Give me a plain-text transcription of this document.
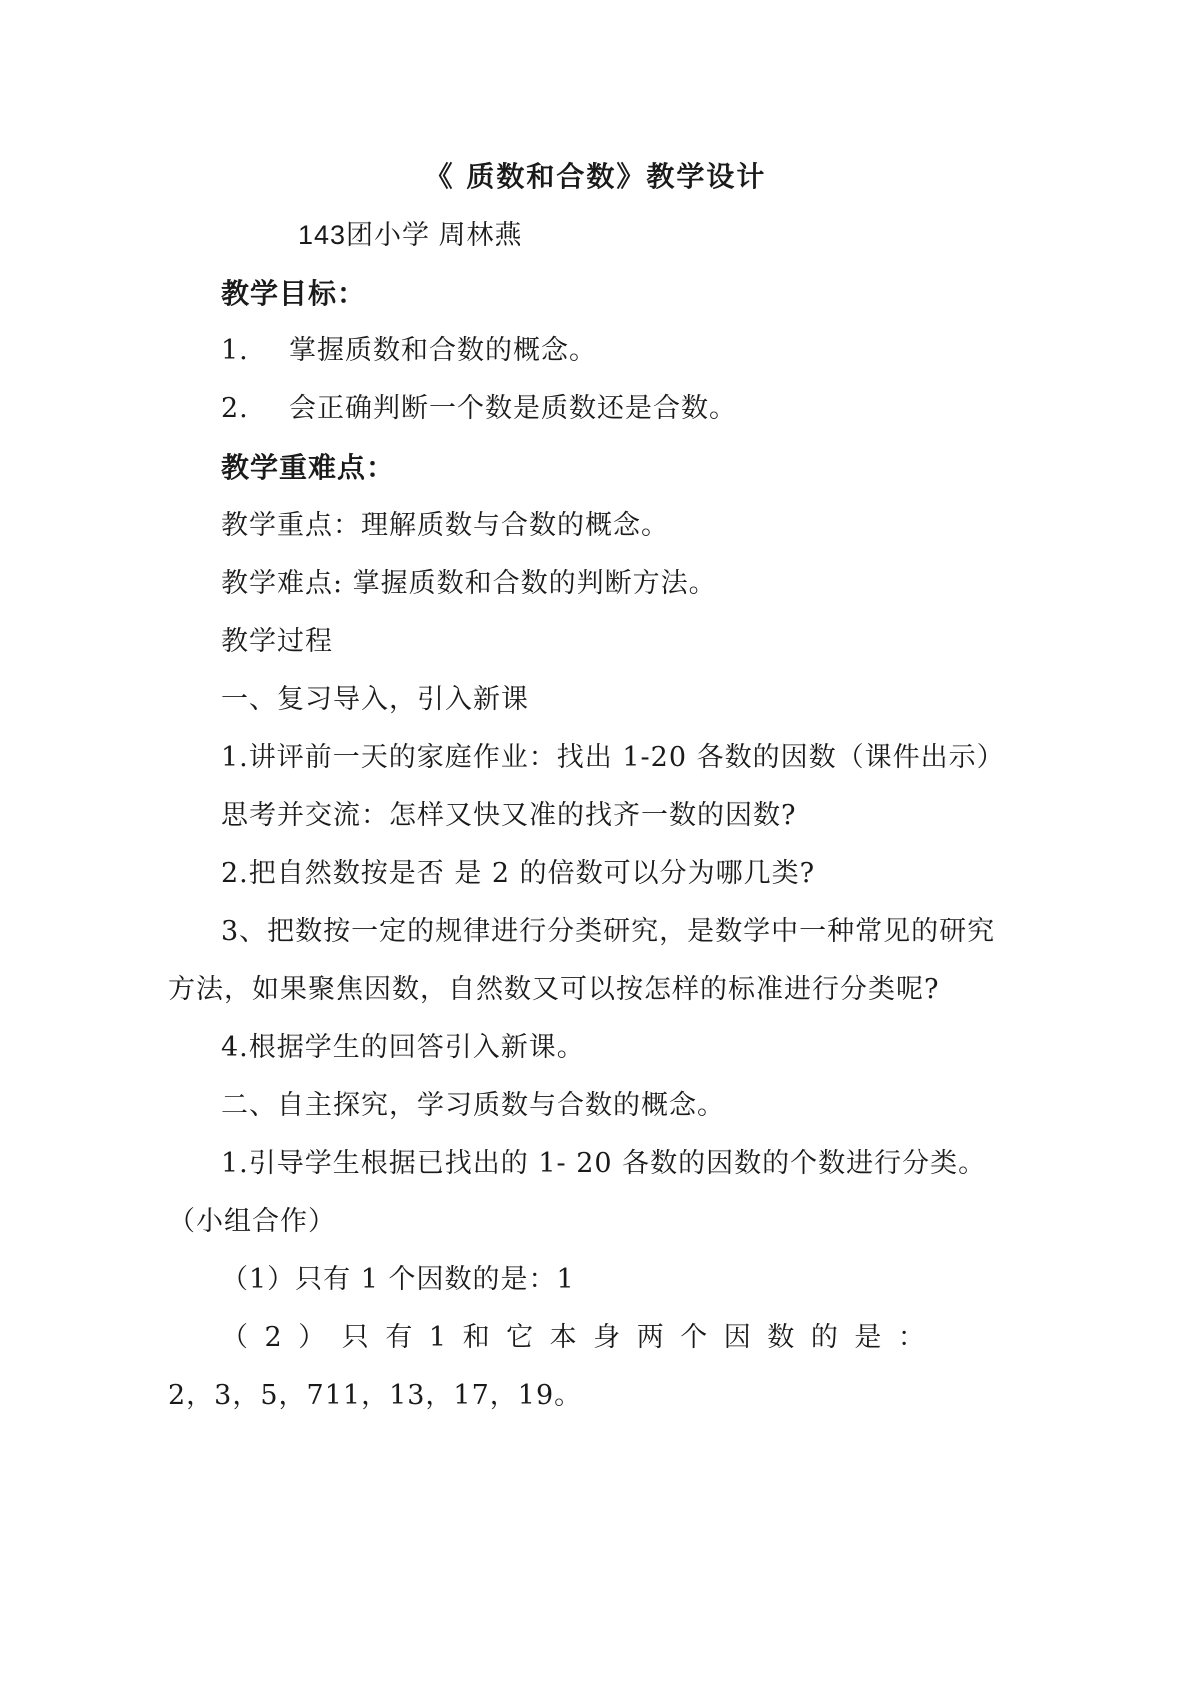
《 质数和合数》教学设计
143团小学 周林燕
教学目标：
1. 掌握质数和合数的概念。
2. 会正确判断一个数是质数还是合数。
教学重难点：
教学重点：理解质数与合数的概念。
教学难点: 掌握质数和合数的判断方法。
教学过程
一、复习导入，引入新课
1.讲评前一天的家庭作业：找出 1-20 各数的因数（课件出示）
思考并交流：怎样又快又准的找齐一数的因数?
2.把自然数按是否 是 2 的倍数可以分为哪几类?
3、把数按一定的规律进行分类研究，是数学中一种常见的研究
方法，如果聚焦因数，自然数又可以按怎样的标准进行分类呢?
4.根据学生的回答引入新课。
二、自主探究，学习质数与合数的概念。
1.引导学生根据已找出的 1- 20 各数的因数的个数进行分类。
（小组合作）
（1）只有 1 个因数的是：1
（ 2 ） 只 有 1 和 它 本 身 两 个 因 数 的 是 ：
2，3，5，711，13，17，19。
